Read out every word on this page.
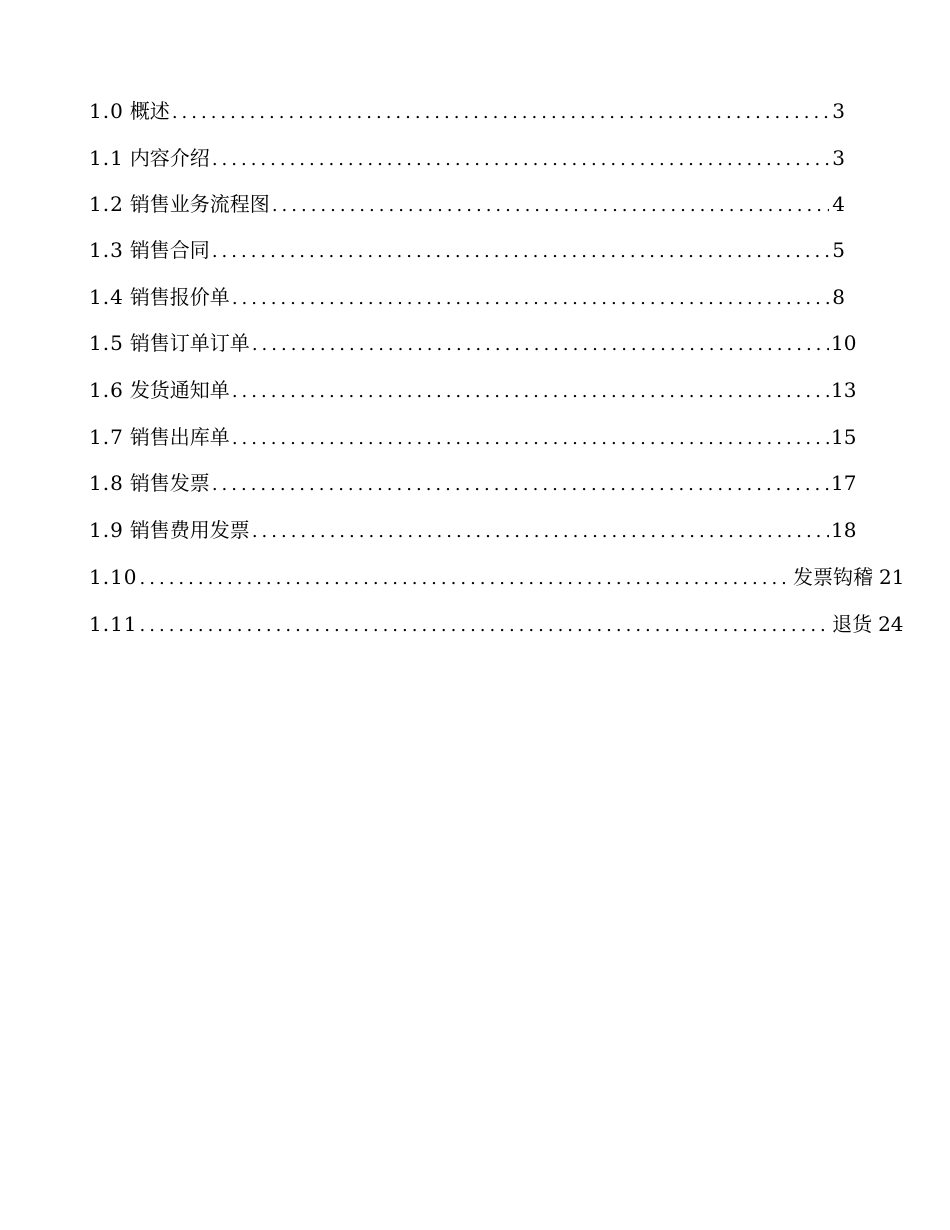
1.0 概述 .....	3
1.1 内容介绍 .....	3
1.2 销售业务流程图 .....	4
1.3 销售合同 .....	5
1.4 销售报价单 .....	8
1.5 销售订单订单 .....	10
1.6 发货通知单 .....	13
1.7 销售出库单 .....	15
1.8 销售发票 .....	17
1.9 销售费用发票 .....	18
1.10 .....	发票钩稽 21
1.11 .....	退货 24
